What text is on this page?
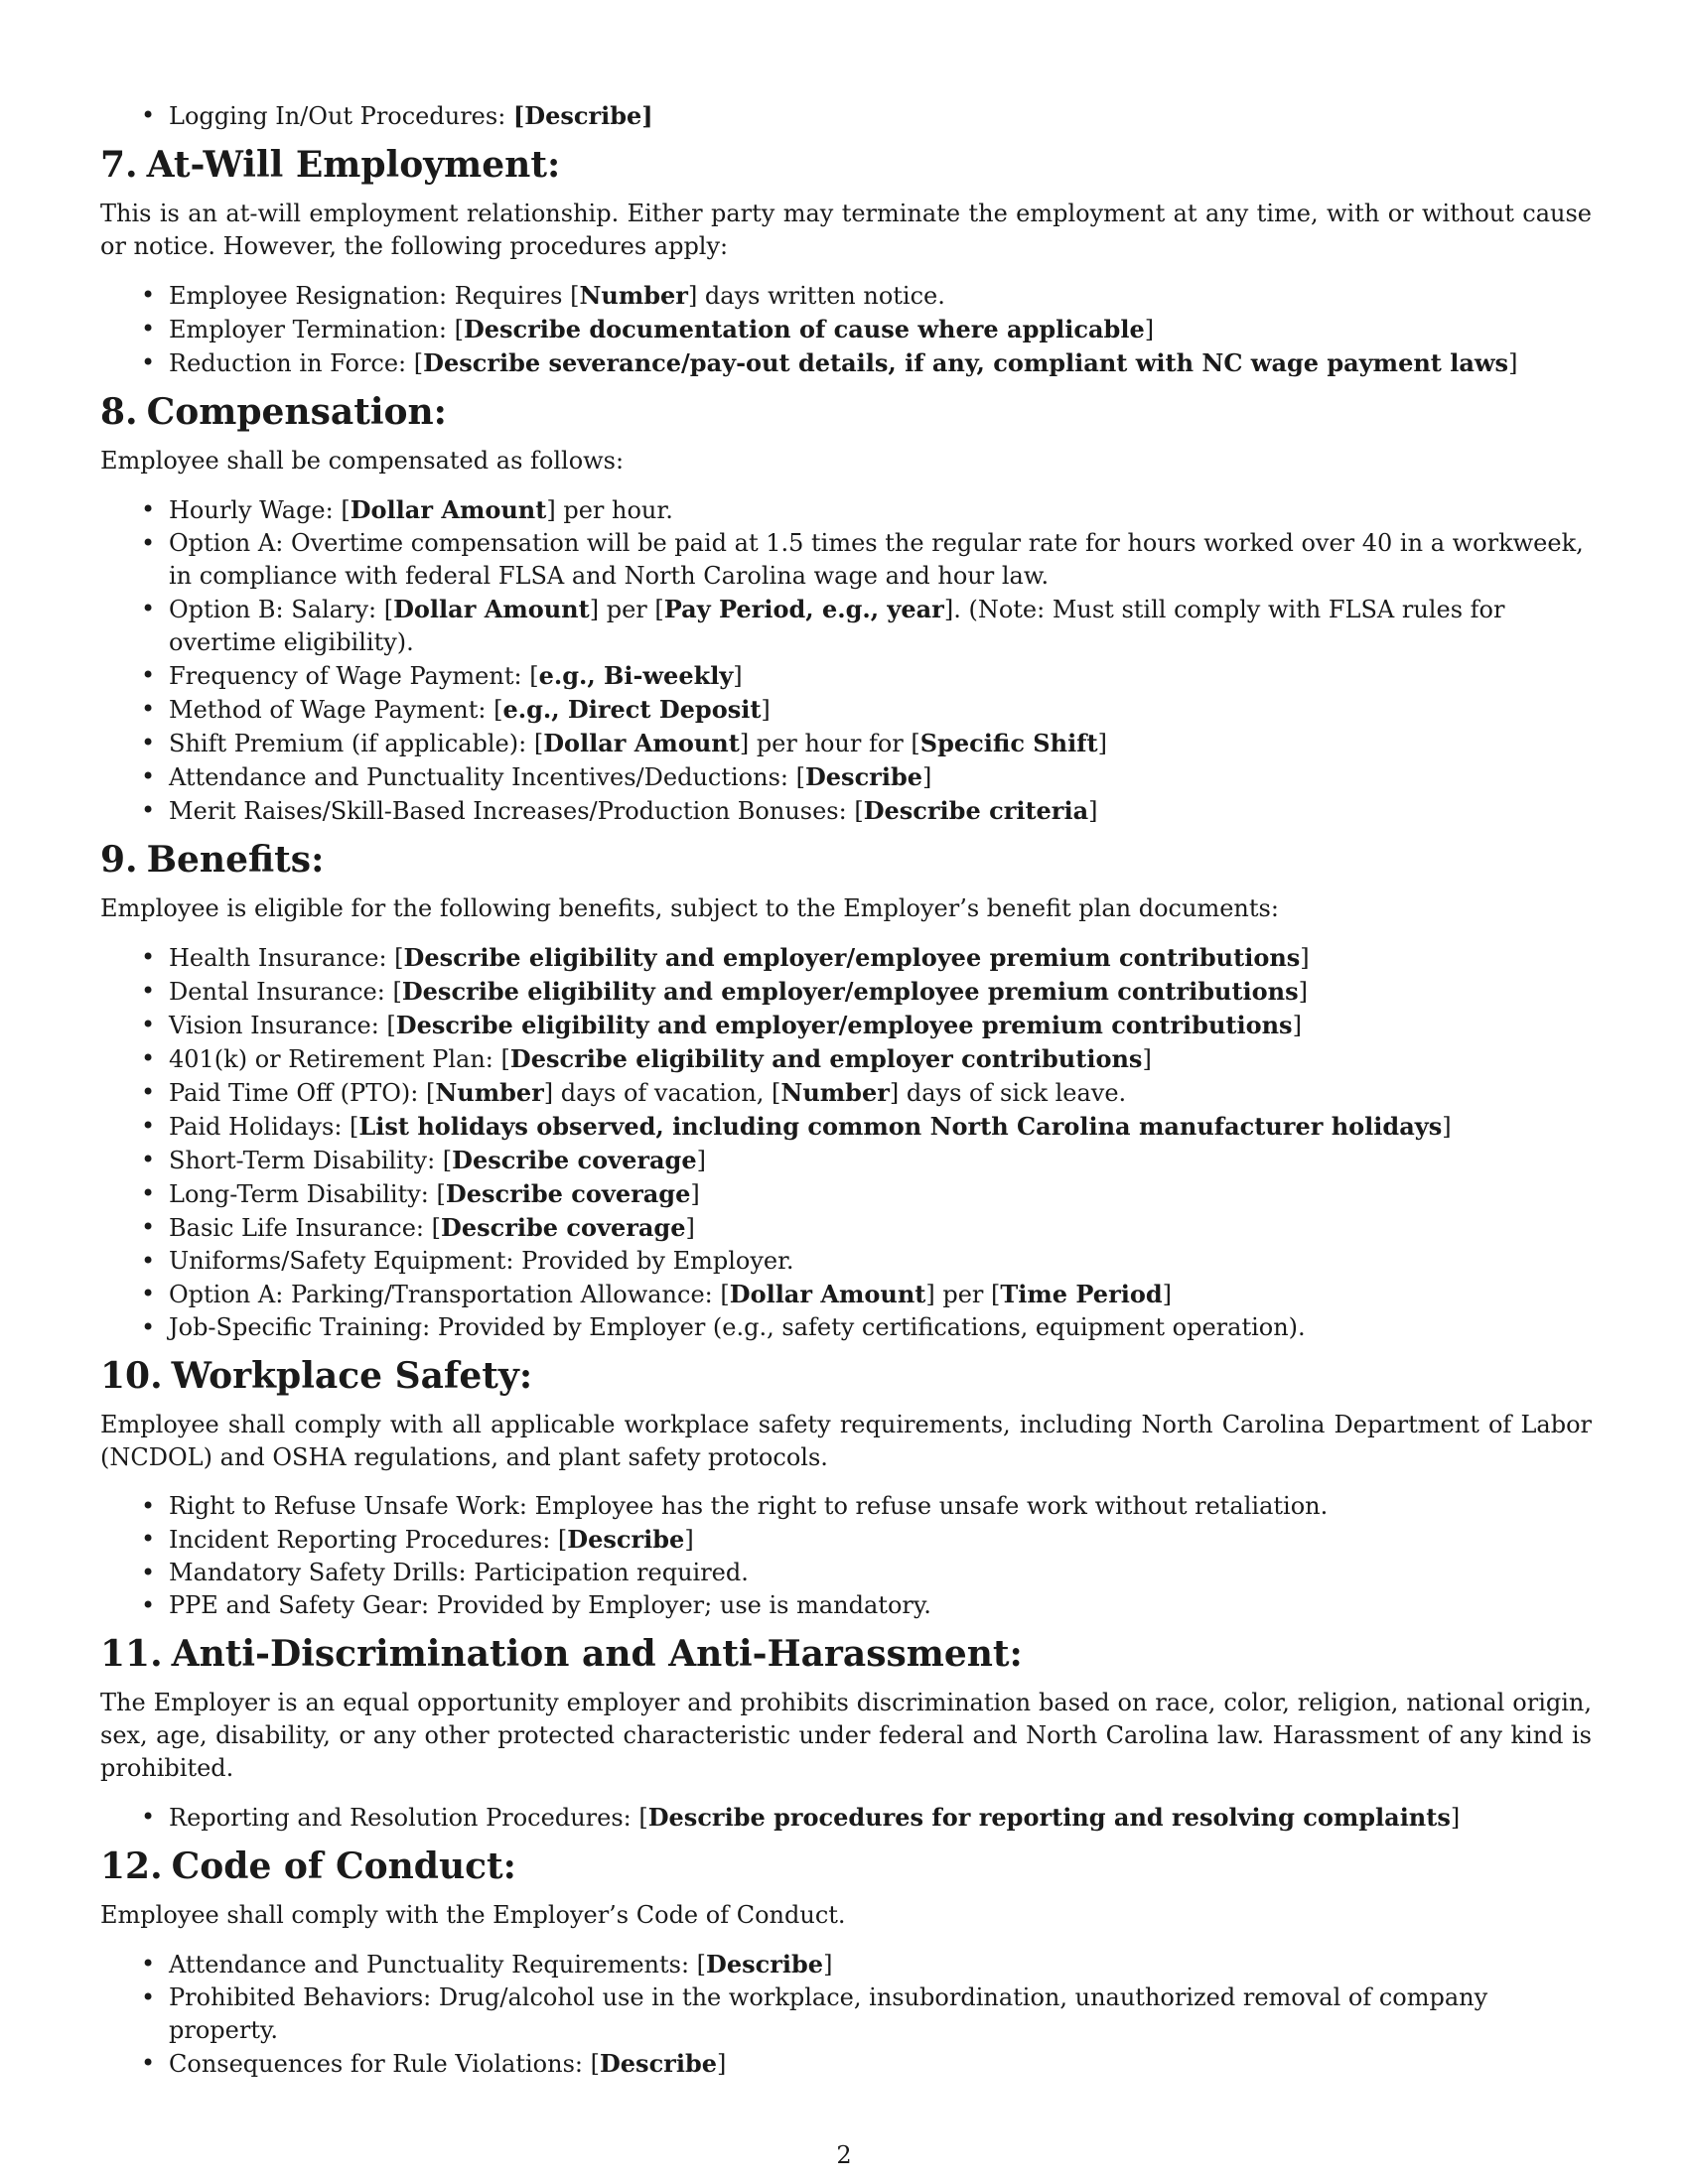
• Logging In/Out Procedures: [Describe]
7. At-Will Employment:

This is an at-will employment relationship. Either party may terminate the employment at any time, with or without cause or notice. However, the following procedures apply:

• Employee Resignation: Requires [Number] days written notice.
• Employer Termination: [Describe documentation of cause where applicable]
• Reduction in Force: [Describe severance/pay-out details, if any, compliant with NC wage payment laws]
8. Compensation:

Employee shall be compensated as follows:

• Hourly Wage: [Dollar Amount] per hour.
• Option A: Overtime compensation will be paid at 1.5 times the regular rate for hours worked over 40 in a workweek, in compliance with federal FLSA and North Carolina wage and hour law.
• Option B: Salary: [Dollar Amount] per [Pay Period, e.g., year]. (Note: Must still comply with FLSA rules for overtime eligibility).
• Frequency of Wage Payment: [e.g., Bi-weekly]
• Method of Wage Payment: [e.g., Direct Deposit]
• Shift Premium (if applicable): [Dollar Amount] per hour for [Specific Shift]
• Attendance and Punctuality Incentives/Deductions: [Describe]
• Merit Raises/Skill-Based Increases/Production Bonuses: [Describe criteria]
9. Benefits:

Employee is eligible for the following benefits, subject to the Employer’s benefit plan documents:

• Health Insurance: [Describe eligibility and employer/employee premium contributions]
• Dental Insurance: [Describe eligibility and employer/employee premium contributions]
• Vision Insurance: [Describe eligibility and employer/employee premium contributions]
• 401(k) or Retirement Plan: [Describe eligibility and employer contributions]
• Paid Time Off (PTO): [Number] days of vacation, [Number] days of sick leave.
• Paid Holidays: [List holidays observed, including common North Carolina manufacturer holidays]
• Short-Term Disability: [Describe coverage]
• Long-Term Disability: [Describe coverage]
• Basic Life Insurance: [Describe coverage]
• Uniforms/Safety Equipment: Provided by Employer.
• Option A: Parking/Transportation Allowance: [Dollar Amount] per [Time Period]
• Job-Specific Training: Provided by Employer (e.g., safety certifications, equipment operation).
10. Workplace Safety:

Employee shall comply with all applicable workplace safety requirements, including North Carolina Department of Labor (NCDOL) and OSHA regulations, and plant safety protocols.

• Right to Refuse Unsafe Work: Employee has the right to refuse unsafe work without retaliation.
• Incident Reporting Procedures: [Describe]
• Mandatory Safety Drills: Participation required.
• PPE and Safety Gear: Provided by Employer; use is mandatory.
11. Anti-Discrimination and Anti-Harassment:

The Employer is an equal opportunity employer and prohibits discrimination based on race, color, religion, national origin, sex, age, disability, or any other protected characteristic under federal and North Carolina law. Harassment of any kind is prohibited.

• Reporting and Resolution Procedures: [Describe procedures for reporting and resolving complaints]
12. Code of Conduct:

Employee shall comply with the Employer’s Code of Conduct.

• Attendance and Punctuality Requirements: [Describe]
• Prohibited Behaviors: Drug/alcohol use in the workplace, insubordination, unauthorized removal of company property.
• Consequences for Rule Violations: [Describe]
2
